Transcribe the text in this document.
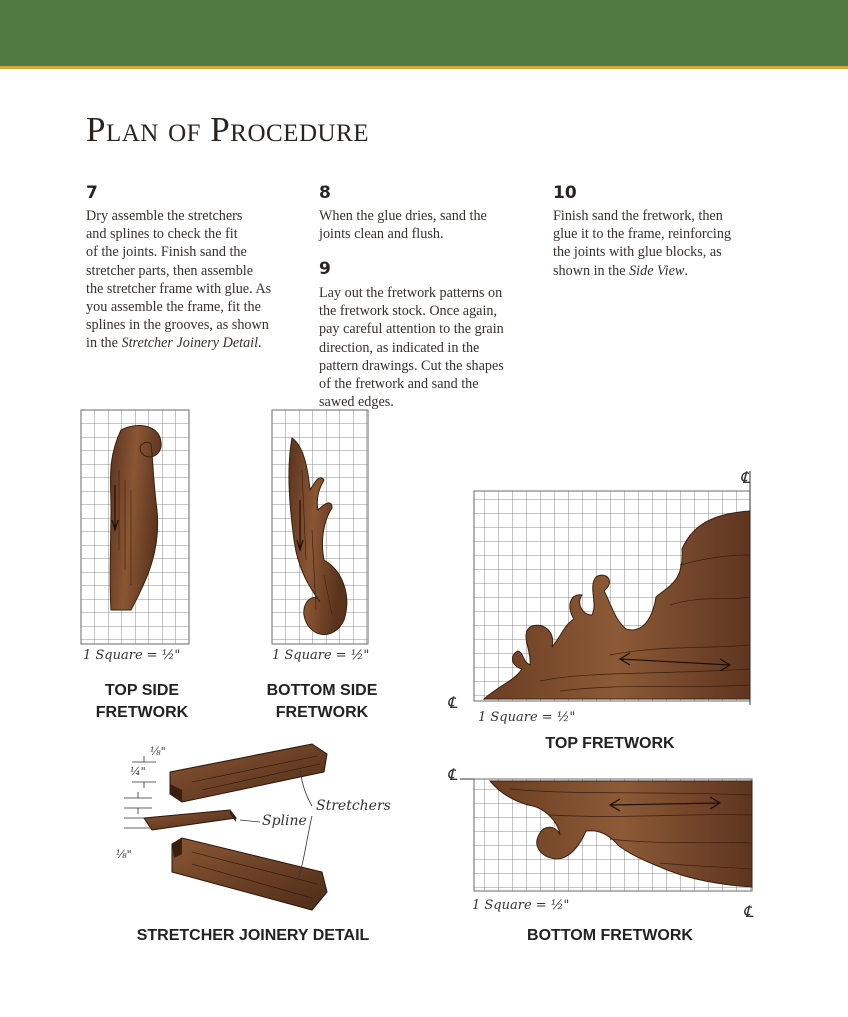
Plan of Procedure
7
Dry assemble the stretchers
and splines to check the fit
of the joints. Finish sand the
stretcher parts, then assemble
the stretcher frame with glue. As
you assemble the frame, fit the
splines in the grooves, as shown
in the Stretcher Joinery Detail.
8
When the glue dries, sand the
joints clean and flush.
9
Lay out the fretwork patterns on
the fretwork stock. Once again,
pay careful attention to the grain
direction, as indicated in the
pattern drawings. Cut the shapes
of the fretwork and sand the
sawed edges.
10
Finish sand the fretwork, then
glue it to the frame, reinforcing
the joints with glue blocks, as
shown in the Side View.
1 Square = ½"
TOP SIDE
FRETWORK
1 Square = ½"
BOTTOM SIDE
FRETWORK
℄
℄
1 Square = ½"
TOP FRETWORK
℄
1 Square = ½"	℄
BOTTOM FRETWORK
⅛"
¼"
⅛"
Spline
Stretchers
STRETCHER JOINERY DETAIL
